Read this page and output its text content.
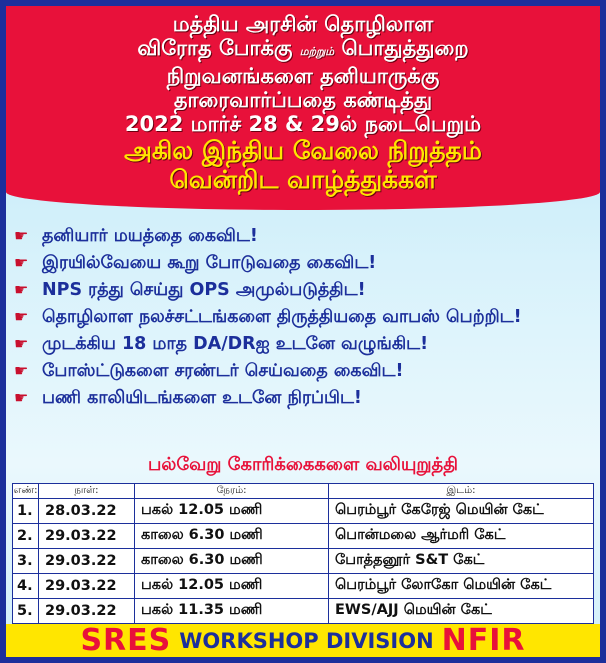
மத்திய அரசின் தொழிலாள
விரோத போக்கு மற்றும் பொதுத்துறை
நிறுவனங்களை தனியாருக்கு
தாரைவார்ப்பதை கண்டித்து
2022 மார்ச் 28 & 29ல் நடைபெறும்
அகில இந்திய வேலை நிறுத்தம்
வென்றிட வாழ்த்துக்கள்
☛ தனியார் மயத்தை கைவிட!
☛ இரயில்வேயை கூறு போடுவதை கைவிட!
☛ NPS ரத்து செய்து OPS அமுல்படுத்திட!
☛ தொழிலாள நலச்சட்டங்களை திருத்தியதை வாபஸ் பெற்றிட!
☛ முடக்கிய 18 மாத DA/DRஐ உடனே வழுங்கிட!
☛ போஸ்ட்டுகளை சரண்டர் செய்வதை கைவிட!
☛ பணி காலியிடங்களை உடனே நிரப்பிட!
பல்வேறு கோரிக்கைகளை வலியுறுத்தி
எண்:	நாள்:	நேரம்:	இடம்:
1.	28.03.22	பகல் 12.05 மணி	பெரம்பூர் கேரேஜ் மெயின் கேட்
2.	29.03.22	காலை 6.30 மணி	பொன்மலை ஆர்மரி கேட்
3.	29.03.22	காலை 6.30 மணி	போத்தனூர் S&T கேட்
4.	29.03.22	பகல் 12.05 மணி	பெரம்பூர் லோகோ மெயின் கேட்
5.	29.03.22	பகல் 11.35 மணி	EWS/AJJ மெயின் கேட்
SRES WORKSHOP DIVISION NFIR
